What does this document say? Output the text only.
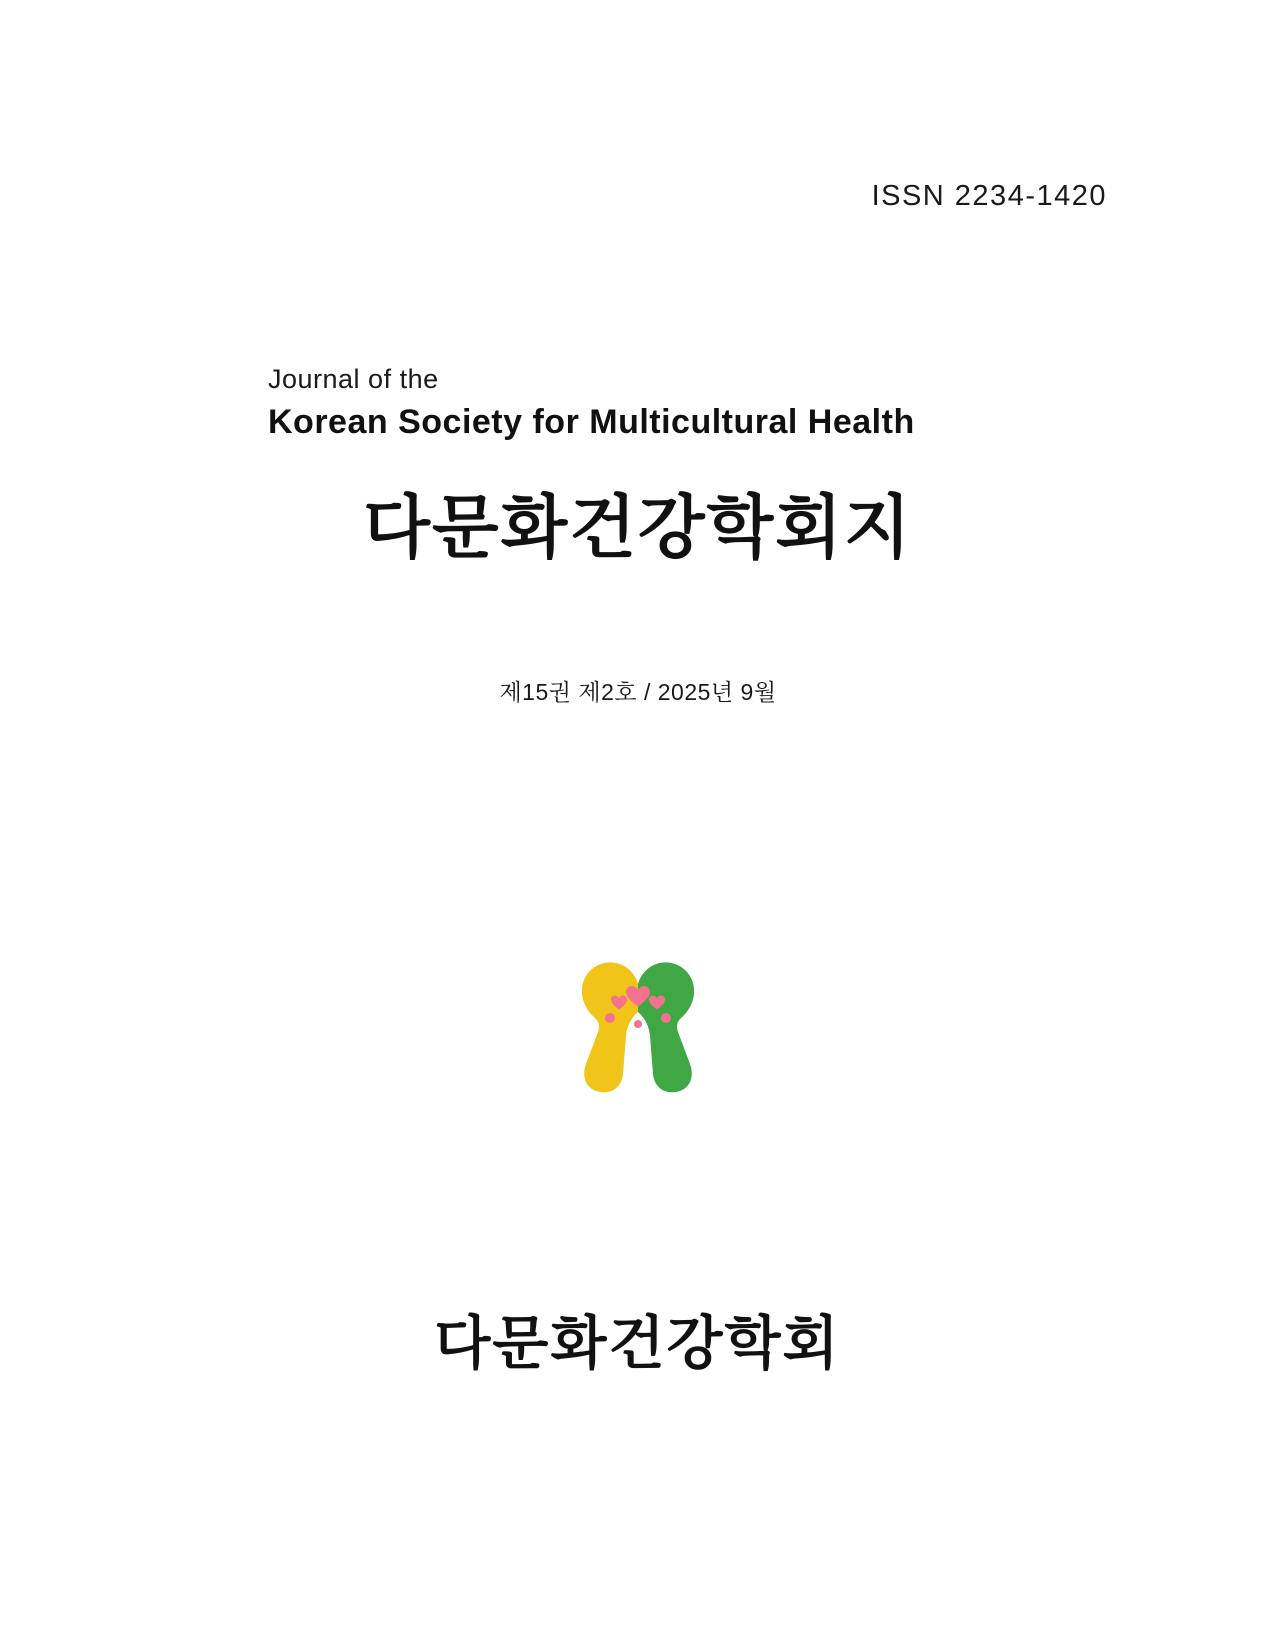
ISSN 2234-1420

Journal of the

Korean Society for Multicultural Health

다문화건강학회지
제15권 제2호 / 2025년 9월
다문화건강학회
